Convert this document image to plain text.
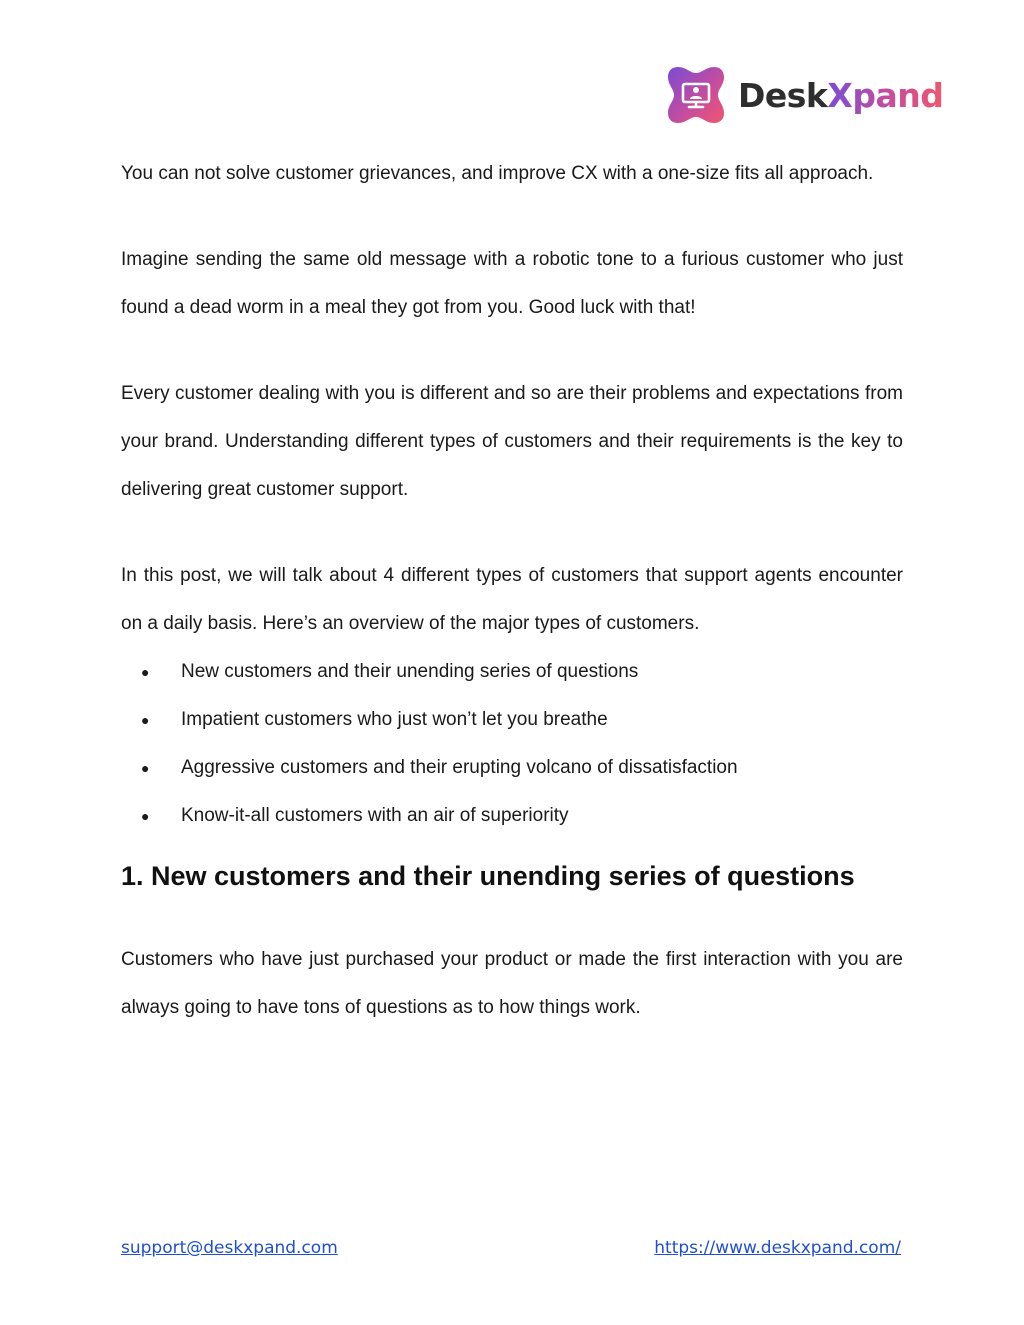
DeskXpand

You can not solve customer grievances, and improve CX with a one-size fits all approach.

Imagine sending the same old message with a robotic tone to a furious customer who just found a dead worm in a meal they got from you. Good luck with that!

Every customer dealing with you is different and so are their problems and expectations from your brand. Understanding different types of customers and their requirements is the key to delivering great customer support.

In this post, we will talk about 4 different types of customers that support agents encounter on a daily basis. Here’s an overview of the major types of customers.

● New customers and their unending series of questions
● Impatient customers who just won’t let you breathe
● Aggressive customers and their erupting volcano of dissatisfaction
● Know-it-all customers with an air of superiority
1. New customers and their unending series of questions

Customers who have just purchased your product or made the first interaction with you are always going to have tons of questions as to how things work.

support@deskxpand.com	https://www.deskxpand.com/
